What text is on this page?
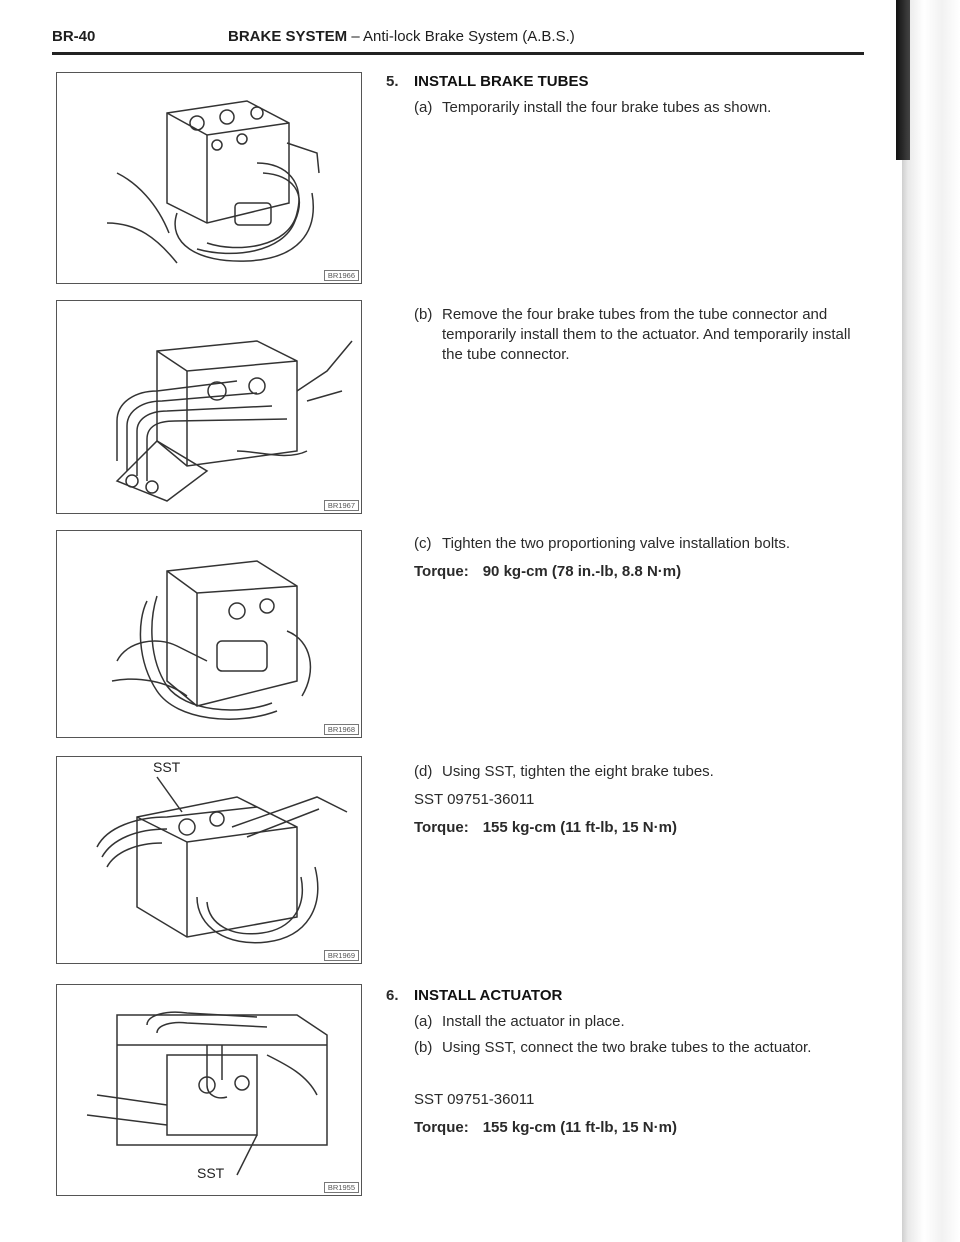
BR-40	BRAKE SYSTEM – Anti-lock Brake System (A.B.S.)
BR1966
BR1967
BR1968
SST
BR1969
SST
BR1955
5. INSTALL BRAKE TUBES
(a) Temporarily install the four brake tubes as shown.
(b) Remove the four brake tubes from the tube connector and temporarily install them to the actuator. And temporarily install the tube connector.
(c) Tighten the two proportioning valve installation bolts.
Torque: 90 kg-cm (78 in.-lb, 8.8 N·m)
(d) Using SST, tighten the eight brake tubes.
SST 09751-36011
Torque: 155 kg-cm (11 ft-lb, 15 N·m)
6. INSTALL ACTUATOR
(a) Install the actuator in place.
(b) Using SST, connect the two brake tubes to the actuator.
SST 09751-36011
Torque: 155 kg-cm (11 ft-lb, 15 N·m)
